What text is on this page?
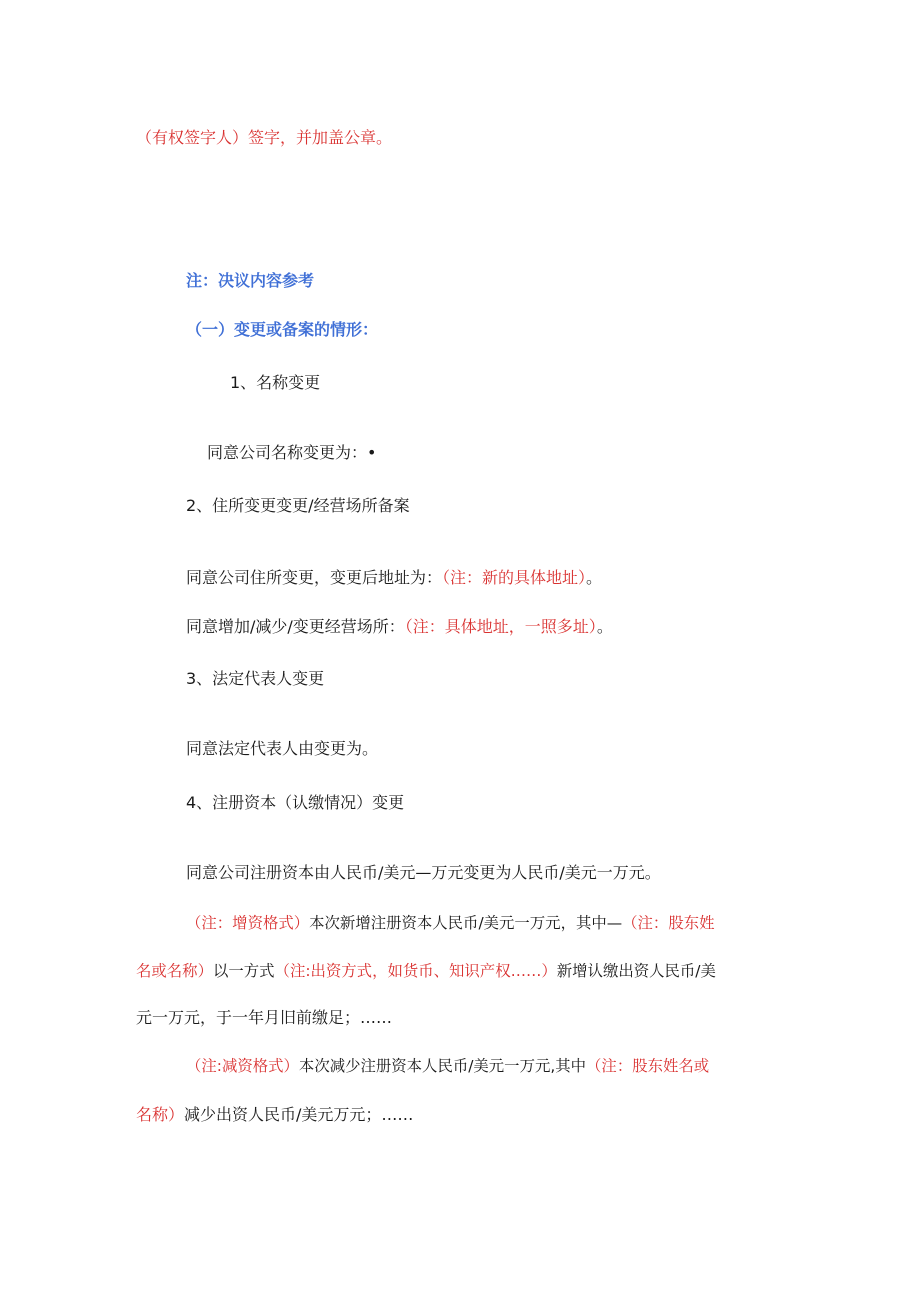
（有权签字人）签字，并加盖公章。
注：决议内容参考
（一）变更或备案的情形：
1、名称变更
同意公司名称变更为：•
2、住所变更变更/经营场所备案
同意公司住所变更，变更后地址为：（注：新的具体地址）。
同意增加/减少/变更经营场所：（注：具体地址，一照多址）。
3、法定代表人变更
同意法定代表人由变更为。
4、注册资本（认缴情况）变更
同意公司注册资本由人民币/美元—万元变更为人民币/美元一万元。
（注：增资格式）本次新增注册资本人民币/美元一万元，其中—（注：股东姓
名或名称）以一方式（注:出资方式，如货币、知识产权……）新增认缴出资人民币/美
元一万元，于一年月旧前缴足；……
（注:减资格式）本次减少注册资本人民币/美元一万元,其中（注：股东姓名或
名称）减少出资人民币/美元万元；……
